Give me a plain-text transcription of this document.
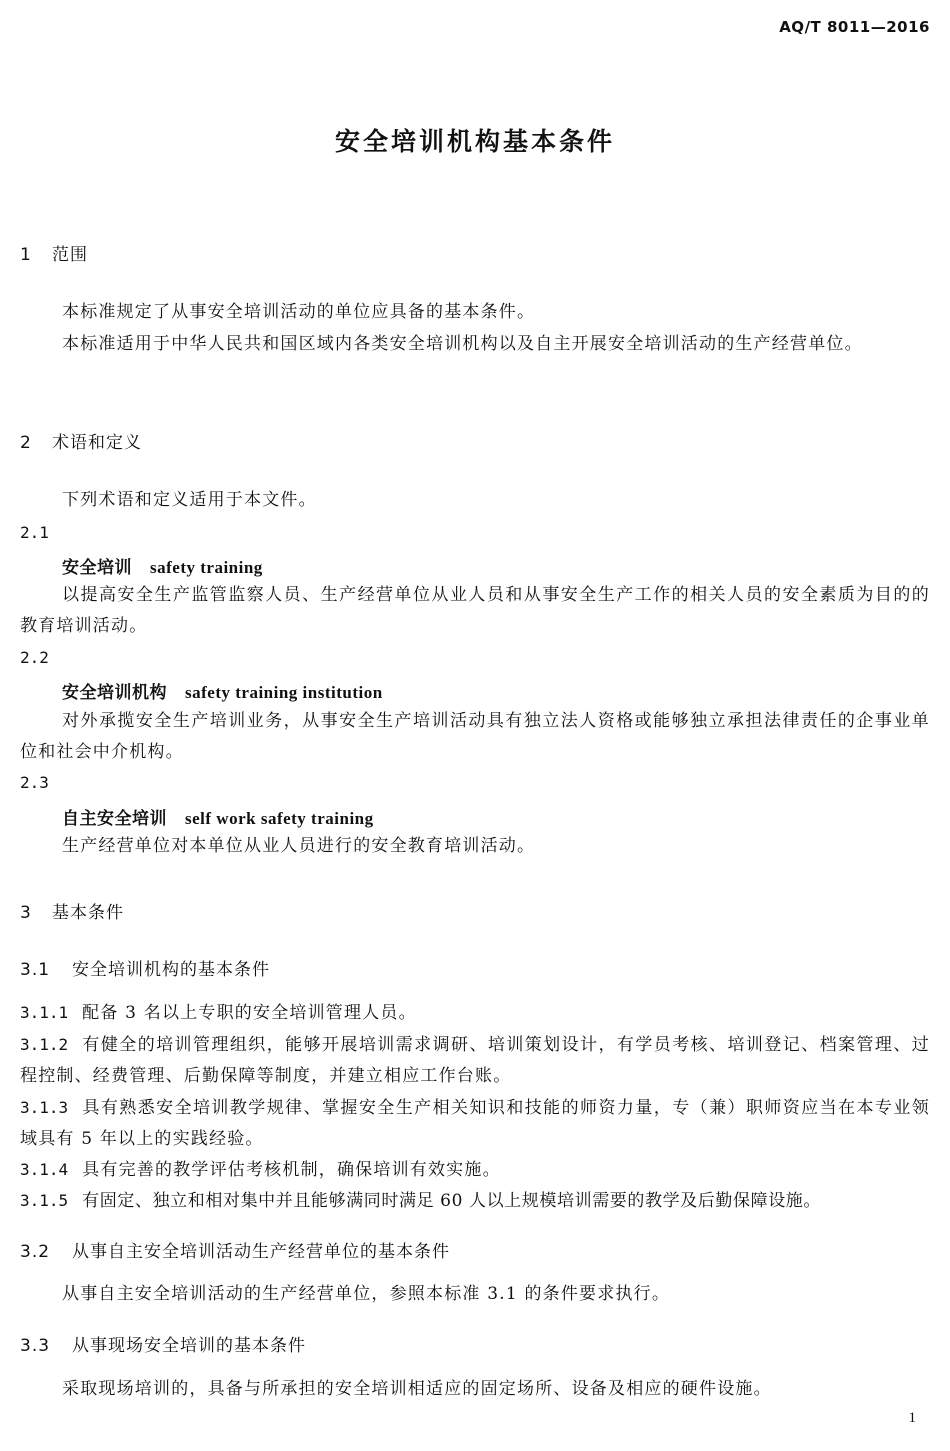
AQ/T 8011—2016
安全培训机构基本条件
1 范围

本标准规定了从事安全培训活动的单位应具备的基本条件。

本标准适用于中华人民共和国区域内各类安全培训机构以及自主开展安全培训活动的生产经营单位。

2 术语和定义

下列术语和定义适用于本文件。

2.1
安全培训 safety training

以提高安全生产监管监察人员、生产经营单位从业人员和从事安全生产工作的相关人员的安全素质为目的的教育培训活动。

2.2
安全培训机构 safety training institution

对外承揽安全生产培训业务，从事安全生产培训活动具有独立法人资格或能够独立承担法律责任的企事业单位和社会中介机构。

2.3
自主安全培训 self work safety training

生产经营单位对本单位从业人员进行的安全教育培训活动。

3 基本条件
3.1 安全培训机构的基本条件

3.1.1 配备 3 名以上专职的安全培训管理人员。

3.1.2 有健全的培训管理组织，能够开展培训需求调研、培训策划设计，有学员考核、培训登记、档案管理、过程控制、经费管理、后勤保障等制度，并建立相应工作台账。

3.1.3 具有熟悉安全培训教学规律、掌握安全生产相关知识和技能的师资力量，专（兼）职师资应当在本专业领域具有 5 年以上的实践经验。

3.1.4 具有完善的教学评估考核机制，确保培训有效实施。

3.1.5 有固定、独立和相对集中并且能够满同时满足 60 人以上规模培训需要的教学及后勤保障设施。

3.2 从事自主安全培训活动生产经营单位的基本条件

从事自主安全培训活动的生产经营单位，参照本标准 3.1 的条件要求执行。

3.3 从事现场安全培训的基本条件

采取现场培训的，具备与所承担的安全培训相适应的固定场所、设备及相应的硬件设施。

1
